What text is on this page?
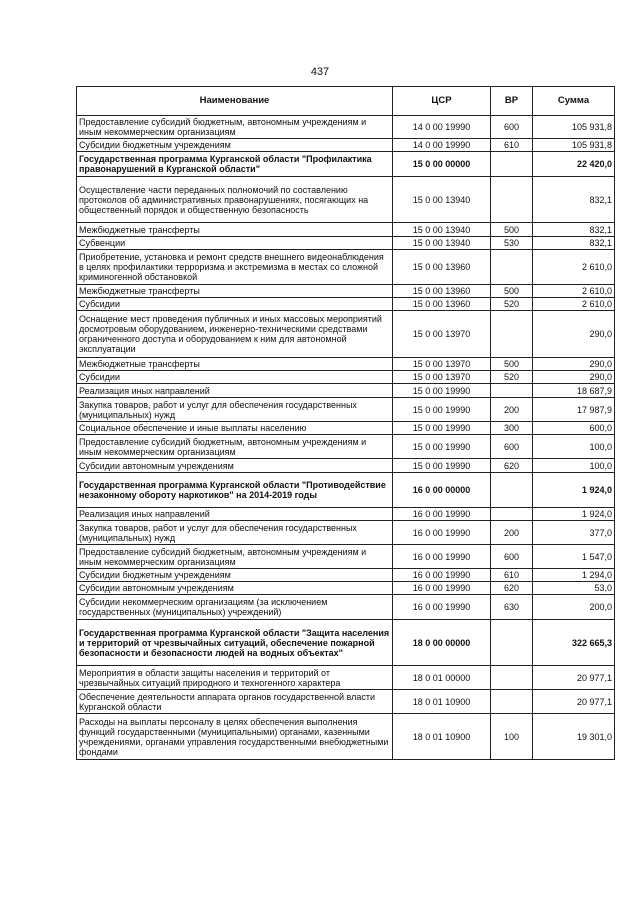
437
Наименование	ЦСР	ВР	Сумма
Предоставление субсидий бюджетным, автономным учреждениям и иным некоммерческим организациям	14 0 00 19990	600	105 931,8
Субсидии бюджетным учреждениям	14 0 00 19990	610	105 931,8
Государственная программа Курганской области "Профилактика правонарушений в Курганской области"	15 0 00 00000		22 420,0
Осуществление части переданных полномочий по составлению протоколов об административных правонарушениях, посягающих на общественный порядок и общественную безопасность	15 0 00 13940		832,1
Межбюджетные трансферты	15 0 00 13940	500	832,1
Субвенции	15 0 00 13940	530	832,1
Приобретение, установка и ремонт средств внешнего видеонаблюдения в целях профилактики терроризма и экстремизма в местах со сложной криминогенной обстановкой	15 0 00 13960		2 610,0
Межбюджетные трансферты	15 0 00 13960	500	2 610,0
Субсидии	15 0 00 13960	520	2 610,0
Оснащение мест проведения публичных и иных массовых мероприятий досмотровым оборудованием, инженерно-техническими средствами ограниченного доступа и оборудованием к ним для автономной эксплуатации	15 0 00 13970		290,0
Межбюджетные трансферты	15 0 00 13970	500	290,0
Субсидии	15 0 00 13970	520	290,0
Реализация иных направлений	15 0 00 19990		18 687,9
Закупка товаров, работ и услуг для обеспечения государственных (муниципальных) нужд	15 0 00 19990	200	17 987,9
Социальное обеспечение и иные выплаты населению	15 0 00 19990	300	600,0
Предоставление субсидий бюджетным, автономным учреждениям и иным некоммерческим организациям	15 0 00 19990	600	100,0
Субсидии автономным учреждениям	15 0 00 19990	620	100,0
Государственная программа Курганской области "Противодействие незаконному обороту наркотиков" на 2014-2019 годы	16 0 00 00000		1 924,0
Реализация иных направлений	16 0 00 19990		1 924,0
Закупка товаров, работ и услуг для обеспечения государственных (муниципальных) нужд	16 0 00 19990	200	377,0
Предоставление субсидий бюджетным, автономным учреждениям и иным некоммерческим организациям	16 0 00 19990	600	1 547,0
Субсидии бюджетным учреждениям	16 0 00 19990	610	1 294,0
Субсидии автономным учреждениям	16 0 00 19990	620	53,0
Субсидии некоммерческим организациям (за исключением государственных (муниципальных) учреждений)	16 0 00 19990	630	200,0
Государственная программа Курганской области "Защита населения и территорий от чрезвычайных ситуаций, обеспечение пожарной безопасности и безопасности людей на водных объектах"	18 0 00 00000		322 665,3
Мероприятия в области защиты населения и территорий от чрезвычайных ситуаций природного и техногенного характера	18 0 01 00000		20 977,1
Обеспечение деятельности аппарата органов государственной власти Курганской области	18 0 01 10900		20 977,1
Расходы на выплаты персоналу в целях обеспечения выполнения функций государственными (муниципальными) органами, казенными учреждениями, органами управления государственными внебюджетными фондами	18 0 01 10900	100	19 301,0
